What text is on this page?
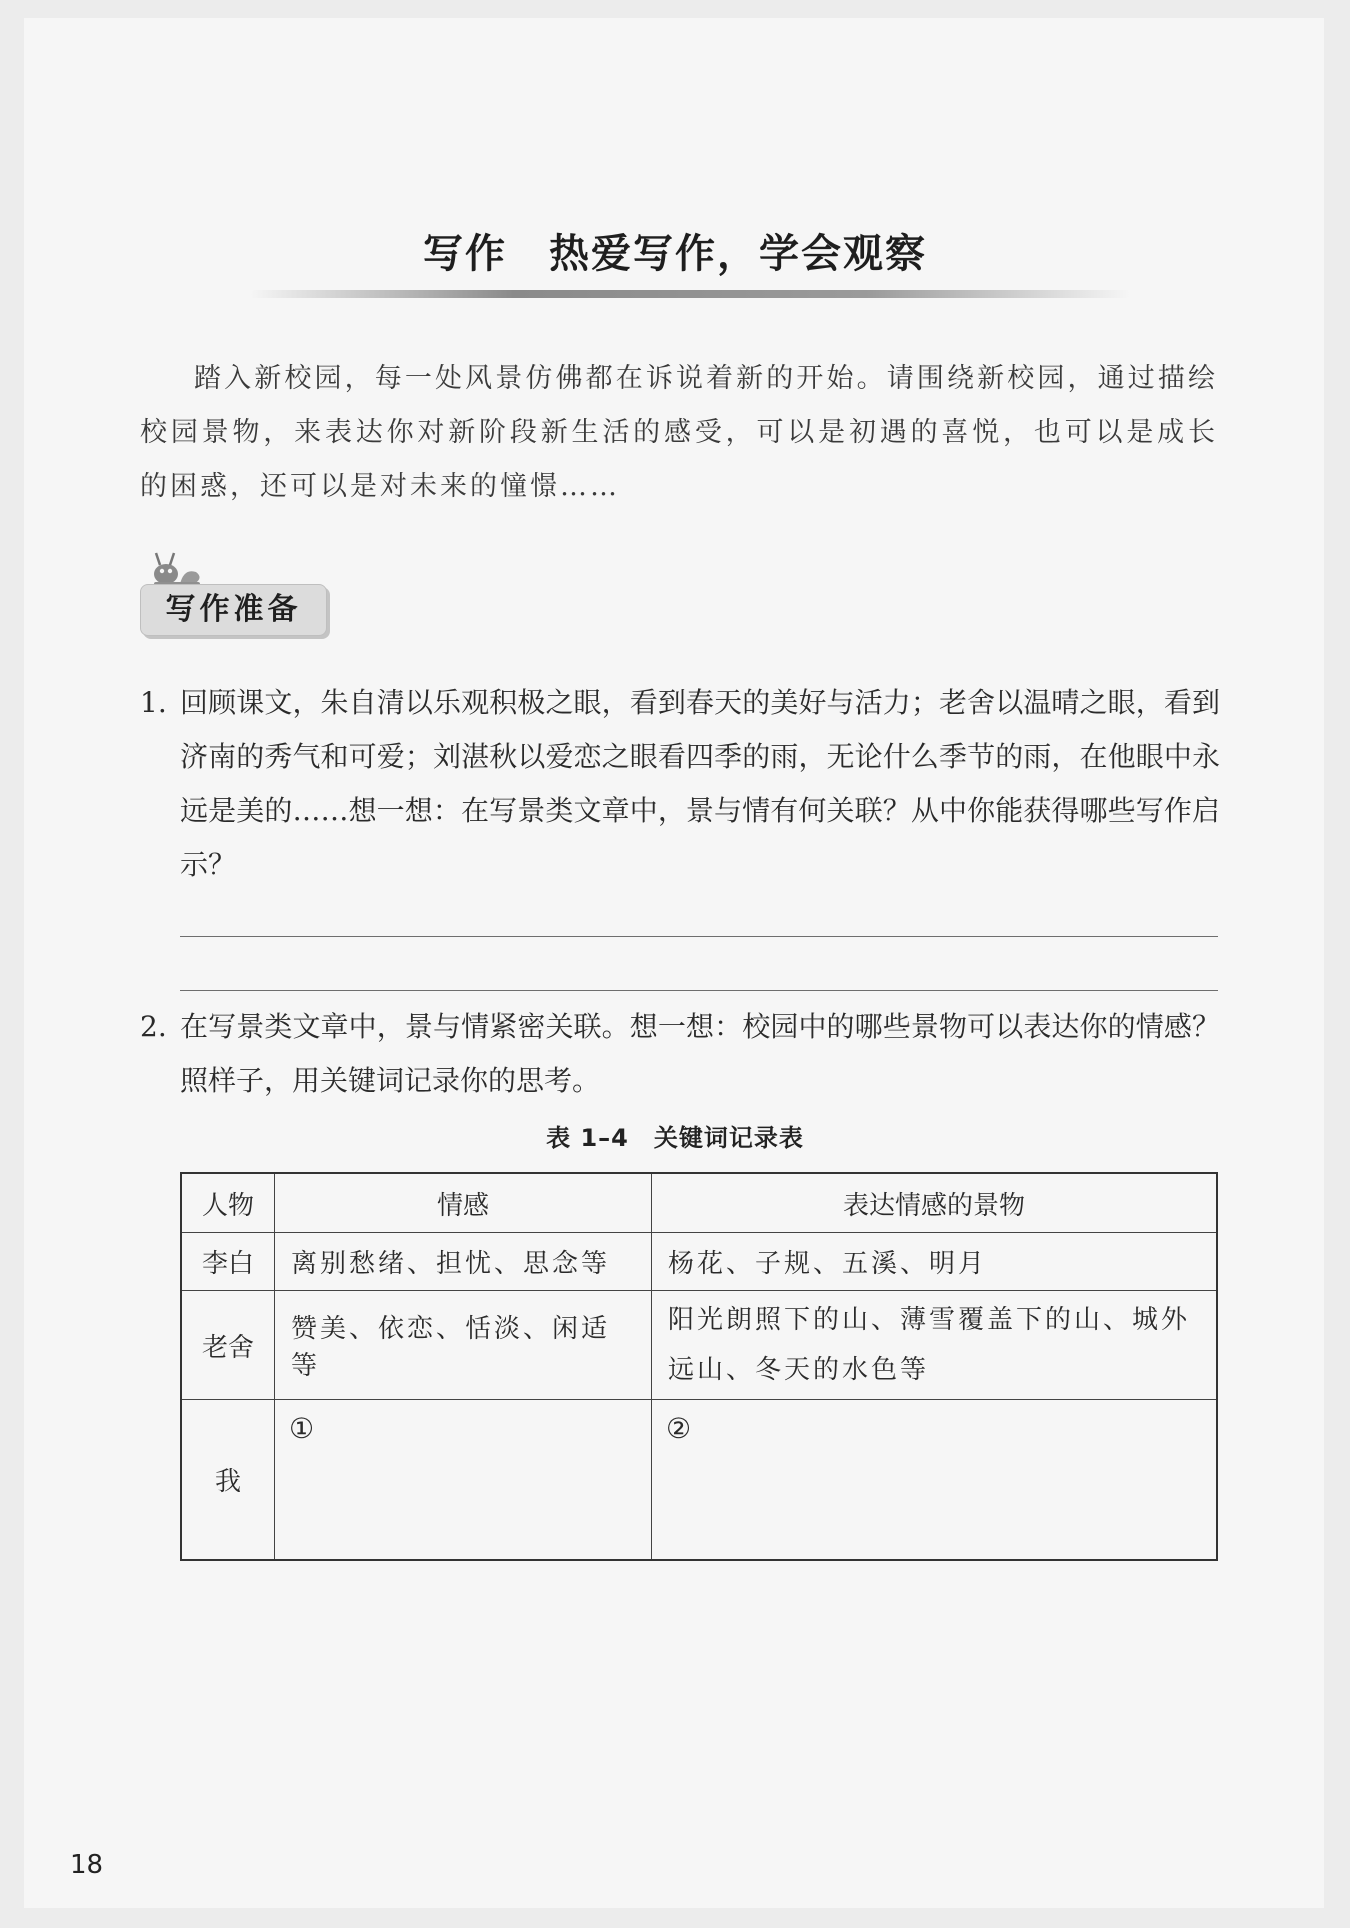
写作　热爱写作，学会观察
踏入新校园，每一处风景仿佛都在诉说着新的开始。请围绕新校园，通过描绘校园景物，来表达你对新阶段新生活的感受，可以是初遇的喜悦，也可以是成长的困惑，还可以是对未来的憧憬……
写作准备
1. 回顾课文，朱自清以乐观积极之眼，看到春天的美好与活力；老舍以温晴之眼，看到济南的秀气和可爱；刘湛秋以爱恋之眼看四季的雨，无论什么季节的雨，在他眼中永远是美的……想一想：在写景类文章中，景与情有何关联？从中你能获得哪些写作启示？
2. 在写景类文章中，景与情紧密关联。想一想：校园中的哪些景物可以表达你的情感？照样子，用关键词记录你的思考。
表 1–4　关键词记录表
人物	情感	表达情感的景物
李白	离别愁绪、担忧、思念等	杨花、子规、五溪、明月
老舍	赞美、依恋、恬淡、闲适等	阳光朗照下的山、薄雪覆盖下的山、城外远山、冬天的水色等
我	①	②
18
